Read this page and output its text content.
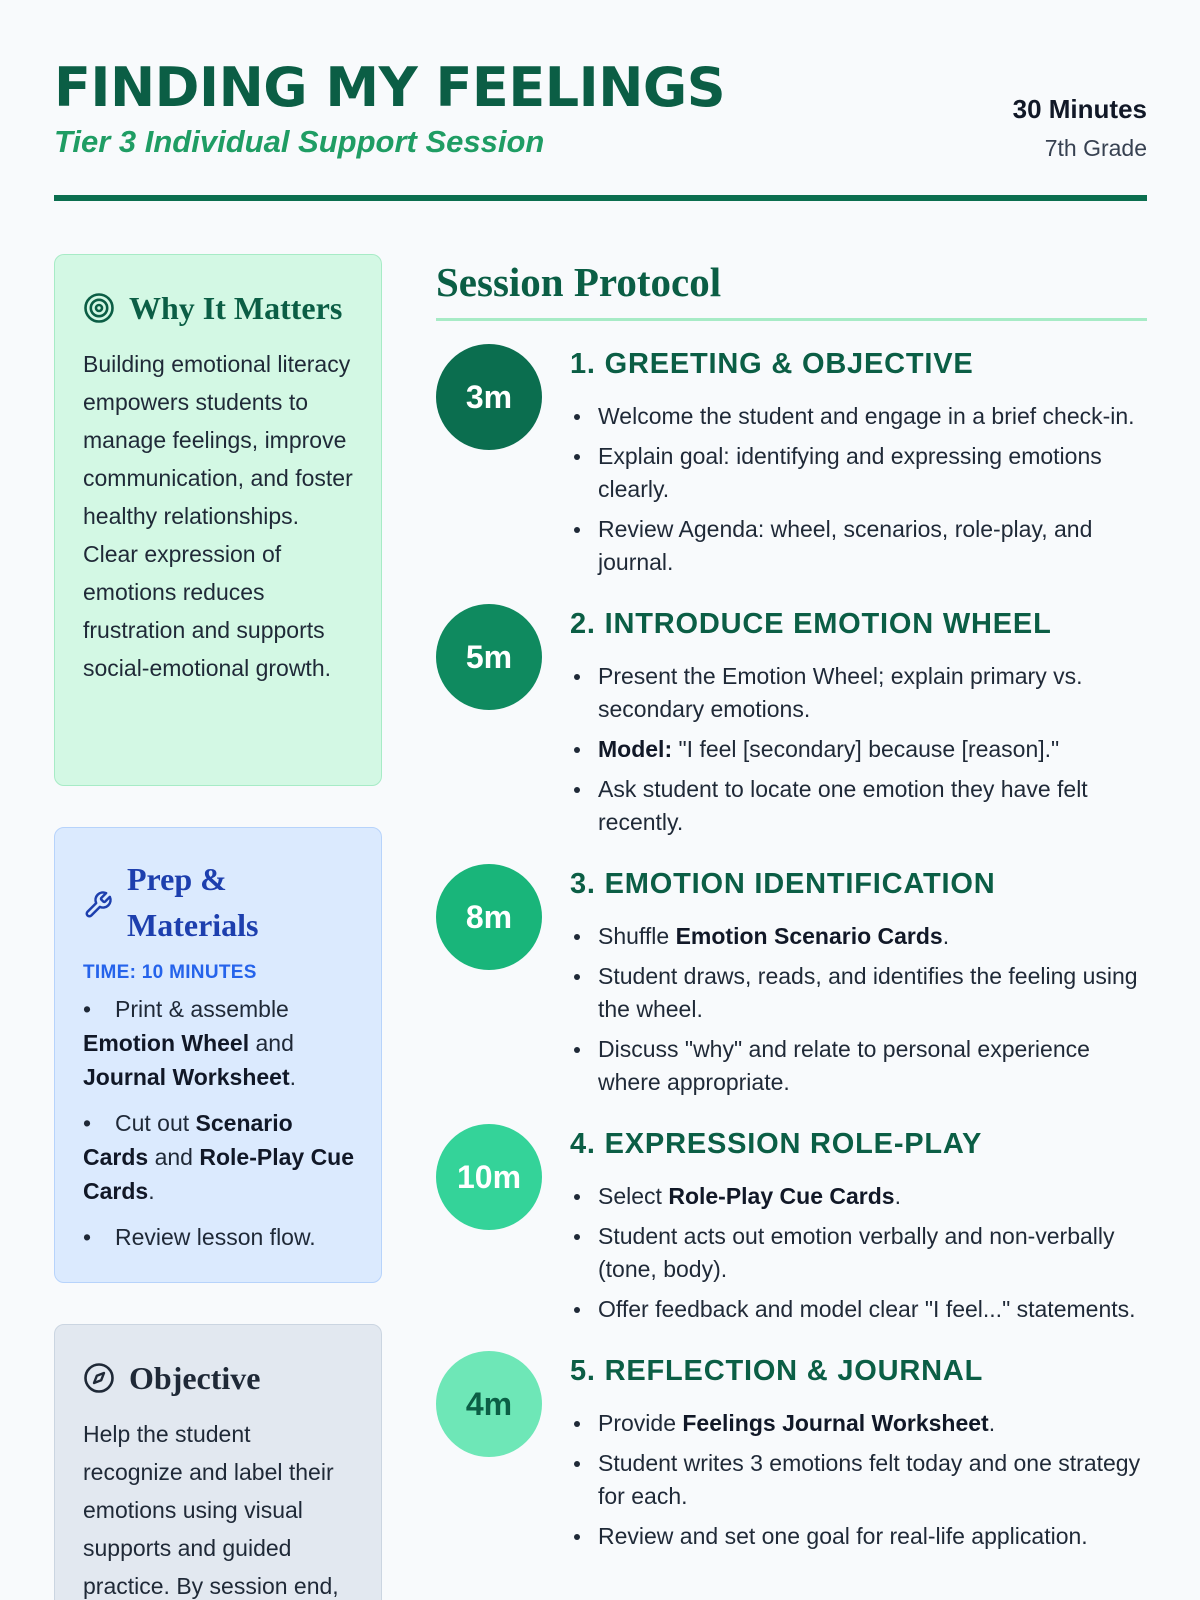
FINDING MY FEELINGS
Tier 3 Individual Support Session
30 Minutes
7th Grade
Why It Matters
Building emotional literacy empowers students to manage feelings, improve communication, and foster healthy relationships. Clear expression of emotions reduces frustration and supports social-emotional growth.
Prep & Materials
TIME: 10 MINUTES
• Print & assemble Emotion Wheel and Journal Worksheet.
• Cut out Scenario Cards and Role-Play Cue Cards.
• Review lesson flow.
Objective
Help the student recognize and label their emotions using visual supports and guided practice. By session end,
Session Protocol
3m
1. GREETING & OBJECTIVE
Welcome the student and engage in a brief check-in.
Explain goal: identifying and expressing emotions clearly.
Review Agenda: wheel, scenarios, role-play, and journal.
5m
2. INTRODUCE EMOTION WHEEL
Present the Emotion Wheel; explain primary vs. secondary emotions.
Model: "I feel [secondary] because [reason]."
Ask student to locate one emotion they have felt recently.
8m
3. EMOTION IDENTIFICATION
Shuffle Emotion Scenario Cards.
Student draws, reads, and identifies the feeling using the wheel.
Discuss "why" and relate to personal experience where appropriate.
10m
4. EXPRESSION ROLE-PLAY
Select Role-Play Cue Cards.
Student acts out emotion verbally and non-verbally (tone, body).
Offer feedback and model clear "I feel..." statements.
4m
5. REFLECTION & JOURNAL
Provide Feelings Journal Worksheet.
Student writes 3 emotions felt today and one strategy for each.
Review and set one goal for real-life application.
